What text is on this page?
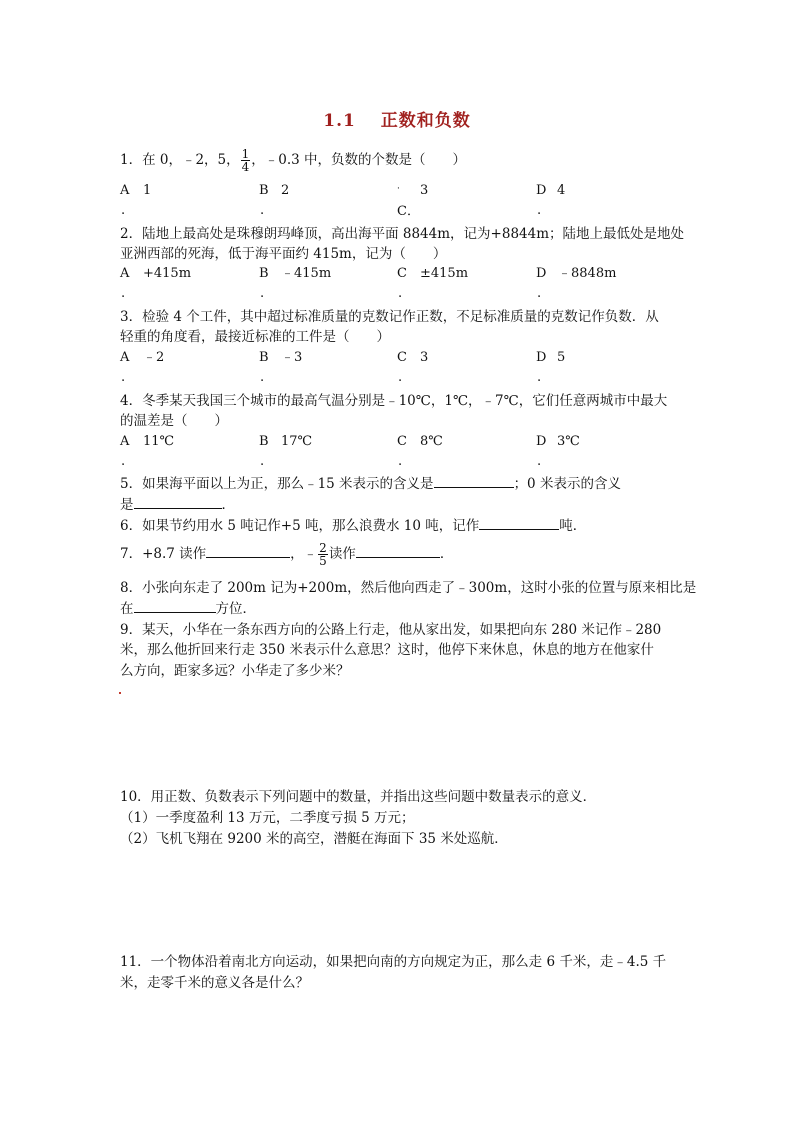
1.1　 正数和负数
1．在 0，﹣2，5， $\frac{1}{4}$ ，﹣0.3 中，负数的个数是（　　）
A 1
.
B 2
.
· 3
C．
D 4
.
2．陆地上最高处是珠穆朗玛峰顶，高出海平面 8844m，记为+8844m；陆地上最低处是地处
亚洲西部的死海，低于海平面约 415m，记为（　　）
A +415m
.
B ﹣415m
.
C ±415m
.
D ﹣8848m
.
3．检验 4 个工件，其中超过标准质量的克数记作正数，不足标准质量的克数记作负数．从
轻重的角度看，最接近标准的工件是（　　）
A ﹣2
.
B ﹣3
.
C 3
.
D 5
.
4．冬季某天我国三个城市的最高气温分别是﹣10℃，1℃，﹣7℃，它们任意两城市中最大
的温差是（　　）
A 11℃
.
B 17℃
.
C 8℃
.
D 3℃
.
5．如果海平面以上为正，那么﹣15 米表示的含义是	；0 米表示的含义
是	．
6．如果节约用水 5 吨记作+5 吨，那么浪费水 10 吨，记作	吨．
7．+8.7 读作	，﹣ $\frac{2}{5}$ 读作	．
8．小张向东走了 200m 记为+200m，然后他向西走了﹣300m，这时小张的位置与原来相比是
在	方位．
9．某天，小华在一条东西方向的公路上行走，他从家出发，如果把向东 280 米记作﹣280
米，那么他折回来行走 350 米表示什么意思？这时，他停下来休息，休息的地方在他家什
么方向，距家多远？小华走了多少米？
10．用正数、负数表示下列问题中的数量，并指出这些问题中数量表示的意义．
（1）一季度盈利 13 万元，二季度亏损 5 万元；
（2）飞机飞翔在 9200 米的高空，潜艇在海面下 35 米处巡航．
11．一个物体沿着南北方向运动，如果把向南的方向规定为正，那么走 6 千米，走﹣4.5 千
米，走零千米的意义各是什么？
